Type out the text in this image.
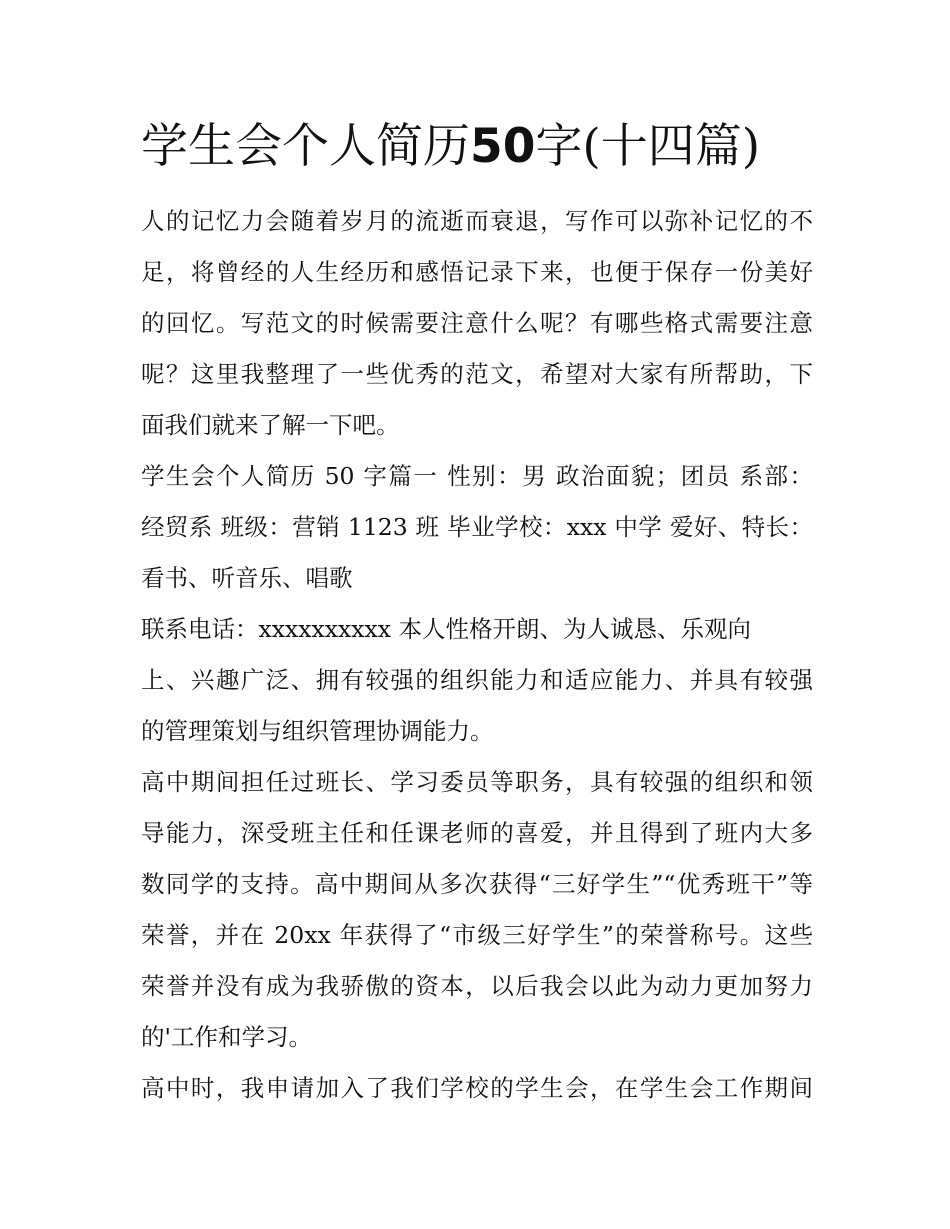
学生会个人简历50字(十四篇)
人的记忆力会随着岁月的流逝而衰退，写作可以弥补记忆的不
足，将曾经的人生经历和感悟记录下来，也便于保存一份美好
的回忆。写范文的时候需要注意什么呢？有哪些格式需要注意
呢？这里我整理了一些优秀的范文，希望对大家有所帮助，下
面我们就来了解一下吧。
学生会个人简历 50 字篇一 性别：男 政治面貌；团员 系部：
经贸系 班级：营销 1123 班 毕业学校：xxx 中学 爱好、特长：
看书、听音乐、唱歌
联系电话：xxxxxxxxxx 本人性格开朗、为人诚恳、乐观向
上、兴趣广泛、拥有较强的组织能力和适应能力、并具有较强
的管理策划与组织管理协调能力。
高中期间担任过班长、学习委员等职务，具有较强的组织和领
导能力，深受班主任和任课老师的喜爱，并且得到了班内大多
数同学的支持。高中期间从多次获得“三好学生”“优秀班干”等
荣誉，并在 20xx 年获得了“市级三好学生”的荣誉称号。这些
荣誉并没有成为我骄傲的资本，以后我会以此为动力更加努力
的'工作和学习。
高中时，我申请加入了我们学校的学生会，在学生会工作期间
